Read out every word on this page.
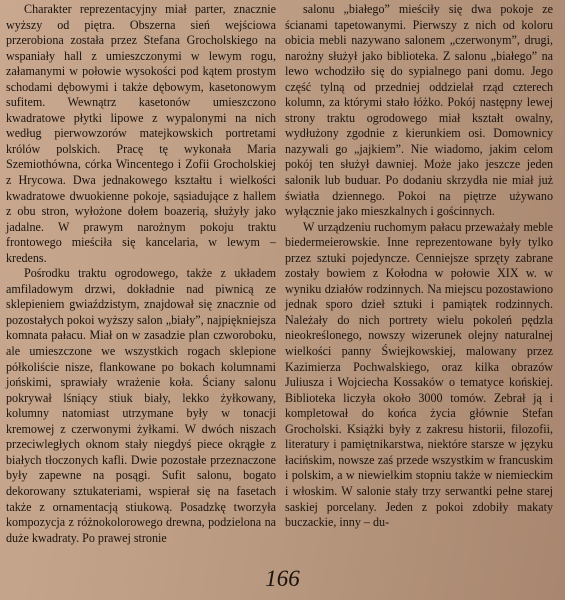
Charakter reprezentacyjny miał parter, znacznie wyższy od piętra. Obszerna sień wejściowa przerobiona została przez Stefana Grocholskiego na wspaniały hall z umieszczonymi w lewym rogu, załamanymi w połowie wysokości pod kątem prostym schodami dębowymi i także dębowym, kasetonowym sufitem. Wewnątrz kasetonów umieszczono kwadratowe płytki lipowe z wypalonymi na nich według pierwowzorów matejkowskich portretami królów polskich. Pracę tę wykonała Maria Szemiothówna, córka Wincentego i Zofii Grocholskiej z Hrycowa. Dwa jednakowego kształtu i wielkości kwadratowe dwuokienne pokoje, sąsiadujące z hallem z obu stron, wyłożone dołem boazerią, służyły jako jadalne. W prawym narożnym pokoju traktu frontowego mieściła się kancelaria, w lewym – kredens.

Pośrodku traktu ogrodowego, także z układem amfiladowym drzwi, dokładnie nad piwnicą ze sklepieniem gwiaździstym, znajdował się znacznie od pozostałych pokoi wyższy salon „biały”, najpiękniejsza komnata pałacu. Miał on w zasadzie plan czworoboku, ale umieszczone we wszystkich rogach sklepione półkoliście nisze, flankowane po bokach kolumnami jońskimi, sprawiały wrażenie koła. Ściany salonu pokrywał lśniący stiuk biały, lekko żyłkowany, kolumny natomiast utrzymane były w tonacji kremowej z czerwonymi żyłkami. W dwóch niszach przeciwległych oknom stały niegdyś piece okrągłe z białych tłoczonych kafli. Dwie pozostałe przeznaczone były zapewne na posągi. Sufit salonu, bogato dekorowany sztukateriami, wspierał się na fasetach także z ornamentacją stiukową. Posadzkę tworzyła kompozycja z różnokolorowego drewna, podzielona na duże kwadraty. Po prawej stronie

salonu „białego” mieściły się dwa pokoje ze ścianami tapetowanymi. Pierwszy z nich od koloru obicia mebli nazywano salonem „czerwonym”, drugi, narożny służył jako biblioteka. Z salonu „białego” na lewo wchodziło się do sypialnego pani domu. Jego część tylną od przedniej oddzielał rząd czterech kolumn, za którymi stało łóżko. Pokój następny lewej strony traktu ogrodowego miał kształt owalny, wydłużony zgodnie z kierunkiem osi. Domownicy nazywali go „jajkiem”. Nie wiadomo, jakim celom pokój ten służył dawniej. Może jako jeszcze jeden salonik lub buduar. Po dodaniu skrzydła nie miał już światła dziennego. Pokoi na piętrze używano wyłącznie jako mieszkalnych i gościnnych.

W urządzeniu ruchomym pałacu przeważały meble biedermeierowskie. Inne reprezentowane były tylko przez sztuki pojedyncze. Cenniejsze sprzęty zabrane zostały bowiem z Kołodna w połowie XIX w. w wyniku działów rodzinnych. Na miejscu pozostawiono jednak sporo dzieł sztuki i pamiątek rodzinnych. Należały do nich portrety wielu pokoleń pędzla nieokreślonego, nowszy wizerunek olejny naturalnej wielkości panny Świejkowskiej, malowany przez Kazimierza Pochwalskiego, oraz kilka obrazów Juliusza i Wojciecha Kossaków o tematyce końskiej. Biblioteka liczyła około 3000 tomów. Zebrał ją i kompletował do końca życia głównie Stefan Grocholski. Książki były z zakresu historii, filozofii, literatury i pamiętnikarstwa, niektóre starsze w języku łacińskim, nowsze zaś przede wszystkim w francuskim i polskim, a w niewielkim stopniu także w niemieckim i włoskim. W salonie stały trzy serwantki pełne starej saskiej porcelany. Jeden z pokoi zdobiły makaty buczackie, inny – du-

166
